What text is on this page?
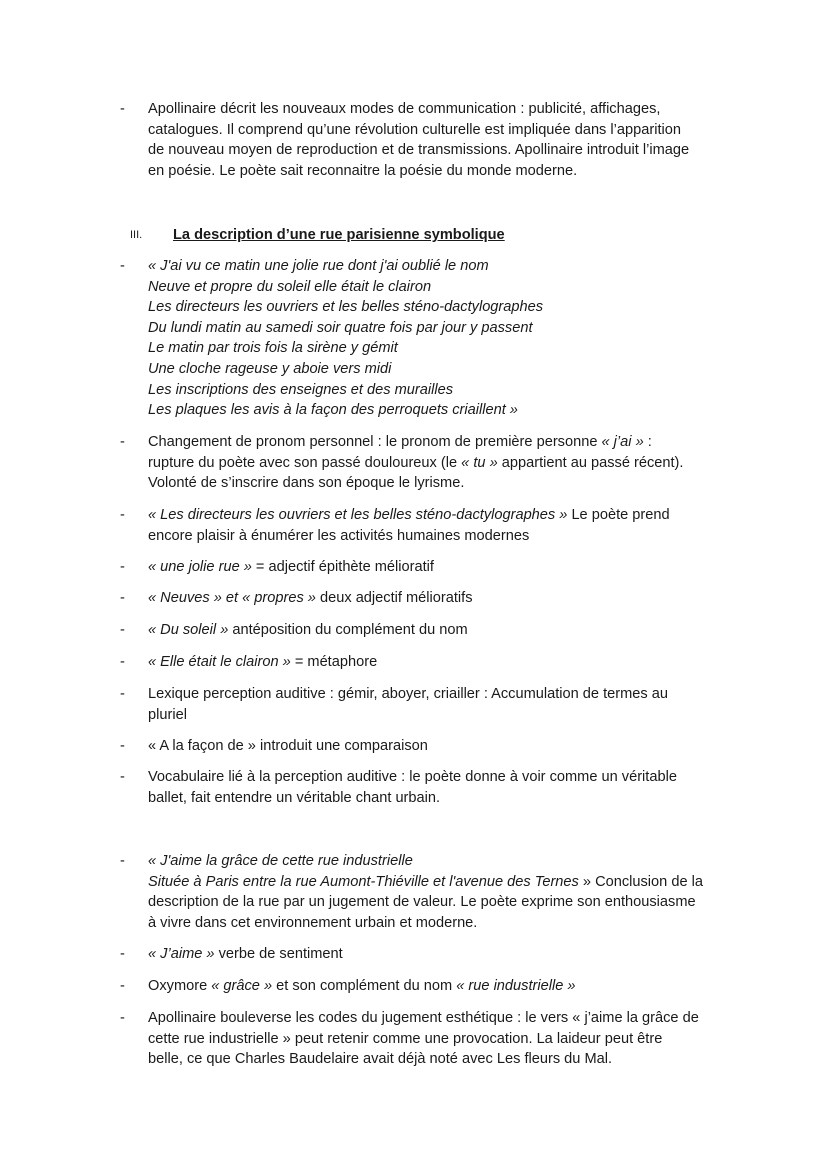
-	Apollinaire décrit les nouveaux modes de communication : publicité, affichages,
catalogues. Il comprend qu’une révolution culturelle est impliquée dans l’apparition
de nouveau moyen de reproduction et de transmissions. Apollinaire introduit l’image
en poésie. Le poète sait reconnaitre la poésie du monde moderne.
III. La description d’une rue parisienne symbolique
-	« J'ai vu ce matin une jolie rue dont j'ai oublié le nom
Neuve et propre du soleil elle était le clairon
Les directeurs les ouvriers et les belles sténo-dactylographes
Du lundi matin au samedi soir quatre fois par jour y passent
Le matin par trois fois la sirène y gémit
Une cloche rageuse y aboie vers midi
Les inscriptions des enseignes et des murailles
Les plaques les avis à la façon des perroquets criaillent »
-	Changement de pronom personnel : le pronom de première personne « j’ai » :
rupture du poète avec son passé douloureux (le « tu » appartient au passé récent).
Volonté de s’inscrire dans son époque le lyrisme.
-	« Les directeurs les ouvriers et les belles sténo-dactylographes » Le poète prend
encore plaisir à énumérer les activités humaines modernes
-	« une jolie rue » = adjectif épithète mélioratif
-	« Neuves » et « propres » deux adjectif mélioratifs
-	« Du soleil » antéposition du complément du nom
-	« Elle était le clairon » = métaphore
-	Lexique perception auditive : gémir, aboyer, criailler : Accumulation de termes au
pluriel
-	« A la façon de » introduit une comparaison
-	Vocabulaire lié à la perception auditive : le poète donne à voir comme un véritable
ballet, fait entendre un véritable chant urbain.
-	« J'aime la grâce de cette rue industrielle
Située à Paris entre la rue Aumont-Thiéville et l'avenue des Ternes » Conclusion de la
description de la rue par un jugement de valeur. Le poète exprime son enthousiasme
à vivre dans cet environnement urbain et moderne.
-	« J’aime » verbe de sentiment
-	Oxymore « grâce » et son complément du nom « rue industrielle »
-	Apollinaire bouleverse les codes du jugement esthétique : le vers « j’aime la grâce de
cette rue industrielle » peut retenir comme une provocation. La laideur peut être
belle, ce que Charles Baudelaire avait déjà noté avec Les fleurs du Mal.
